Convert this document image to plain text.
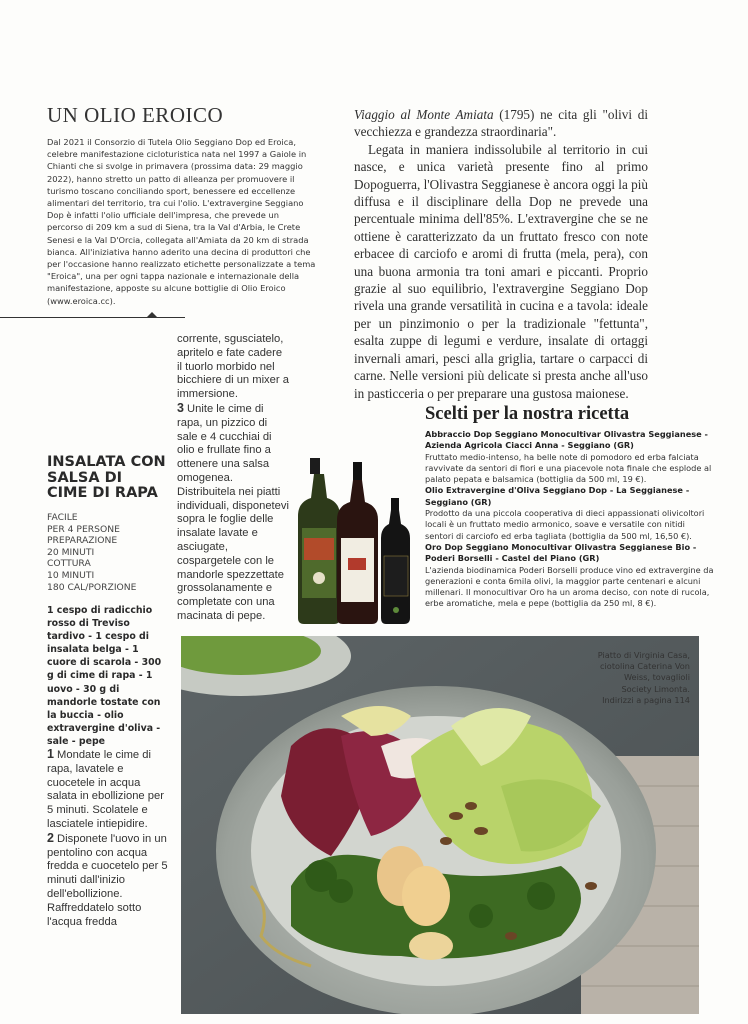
UN OLIO EROICO

Dal 2021 il Consorzio di Tutela Olio Seggiano Dop ed Eroica, celebre manifestazione cicloturistica nata nel 1997 a Gaiole in Chianti che si svolge in primavera (prossima data: 29 maggio 2022), hanno stretto un patto di alleanza per promuovere il turismo toscano conciliando sport, benessere ed eccellenze alimentari del territorio, tra cui l'olio. L'extravergine Seggiano Dop è infatti l'olio ufficiale dell'impresa, che prevede un percorso di 209 km a sud di Siena, tra la Val d'Arbia, le Crete Senesi e la Val D'Orcia, collegata all'Amiata da 20 km di strada bianca. All'iniziativa hanno aderito una decina di produttori che per l'occasione hanno realizzato etichette personalizzate a tema "Eroica", una per ogni tappa nazionale e internazionale della manifestazione, apposte su alcune bottiglie di Olio Eroico (www.eroica.cc).

Viaggio al Monte Amiata (1795) ne cita gli "olivi di vecchiezza e grandezza straordinaria".

Legata in maniera indissolubile al territorio in cui nasce, e unica varietà presente fino al primo Dopoguerra, l'Olivastra Seggianese è ancora oggi la più diffusa e il disciplinare della Dop ne prevede una percentuale minima dell'85%. L'extravergine che se ne ottiene è caratterizzato da un fruttato fresco con note erbacee di carciofo e aromi di frutta (mela, pera), con una buona armonia tra toni amari e piccanti. Proprio grazie al suo equilibrio, l'extravergine Seggiano Dop rivela una grande versatilità in cucina e a tavola: ideale per un pinzimonio o per la tradizionale "fettunta", esalta zuppe di legumi e verdure, insalate di ortaggi invernali amari, pesci alla griglia, tartare o carpacci di carne. Nelle versioni più delicate si presta anche all'uso in pasticceria o per preparare una gustosa maionese.

INSALATA CON SALSA DI CIME DI RAPA
FACILE
PER 4 PERSONE
PREPARAZIONE
20 MINUTI
COTTURA
10 MINUTI
180 CAL/PORZIONE
1 cespo di radicchio rosso di Treviso tardivo - 1 cespo di insalata belga - 1 cuore di scarola - 300 g di cime di rapa - 1 uovo - 30 g di mandorle tostate con la buccia - olio extravergine d'oliva - sale - pepe
1 Mondate le cime di rapa, lavatele e cuocetele in acqua salata in ebollizione per 5 minuti. Scolatele e lasciatele intiepidire.
2 Disponete l'uovo in un pentolino con acqua fredda e cuocetelo per 5 minuti dall'inizio dell'ebollizione. Raffreddatelo sotto l'acqua fredda
corrente, sgusciatelo, apritelo e fate cadere il tuorlo morbido nel bicchiere di un mixer a immersione.
3 Unite le cime di rapa, un pizzico di sale e 4 cucchiai di olio e frullate fino a ottenere una salsa omogenea. Distribuitela nei piatti individuali, disponetevi sopra le foglie delle insalate lavate e asciugate, cospargetele con le mandorle spezzettate grossolanamente e completate con una macinata di pepe.
Scelti per la nostra ricetta
Abbraccio Dop Seggiano Monocultivar Olivastra Seggianese - Azienda Agricola Ciacci Anna - Seggiano (GR)
Fruttato medio-intenso, ha belle note di pomodoro ed erba falciata ravvivate da sentori di fiori e una piacevole nota finale che esplode al palato pepata e balsamica (bottiglia da 500 ml, 19 €).
Olio Extravergine d'Oliva Seggiano Dop - La Seggianese - Seggiano (GR)
Prodotto da una piccola cooperativa di dieci appassionati olivicoltori locali è un fruttato medio armonico, soave e versatile con nitidi sentori di carciofo ed erba tagliata (bottiglia da 500 ml, 16,50 €).
Oro Dop Seggiano Monocultivar Olivastra Seggianese Bio - Poderi Borselli - Castel del Piano (GR)
L'azienda biodinamica Poderi Borselli produce vino ed extravergine da generazioni e conta 6mila olivi, la maggior parte centenari e alcuni millenari. Il monocultivar Oro ha un aroma deciso, con note di rucola, erbe aromatiche, mela e pepe (bottiglia da 250 ml, 8 €).
Piatto di Virginia Casa, ciotolina Caterina Von Weiss, tovaglioli Society Limonta. Indirizzi a pagina 114
